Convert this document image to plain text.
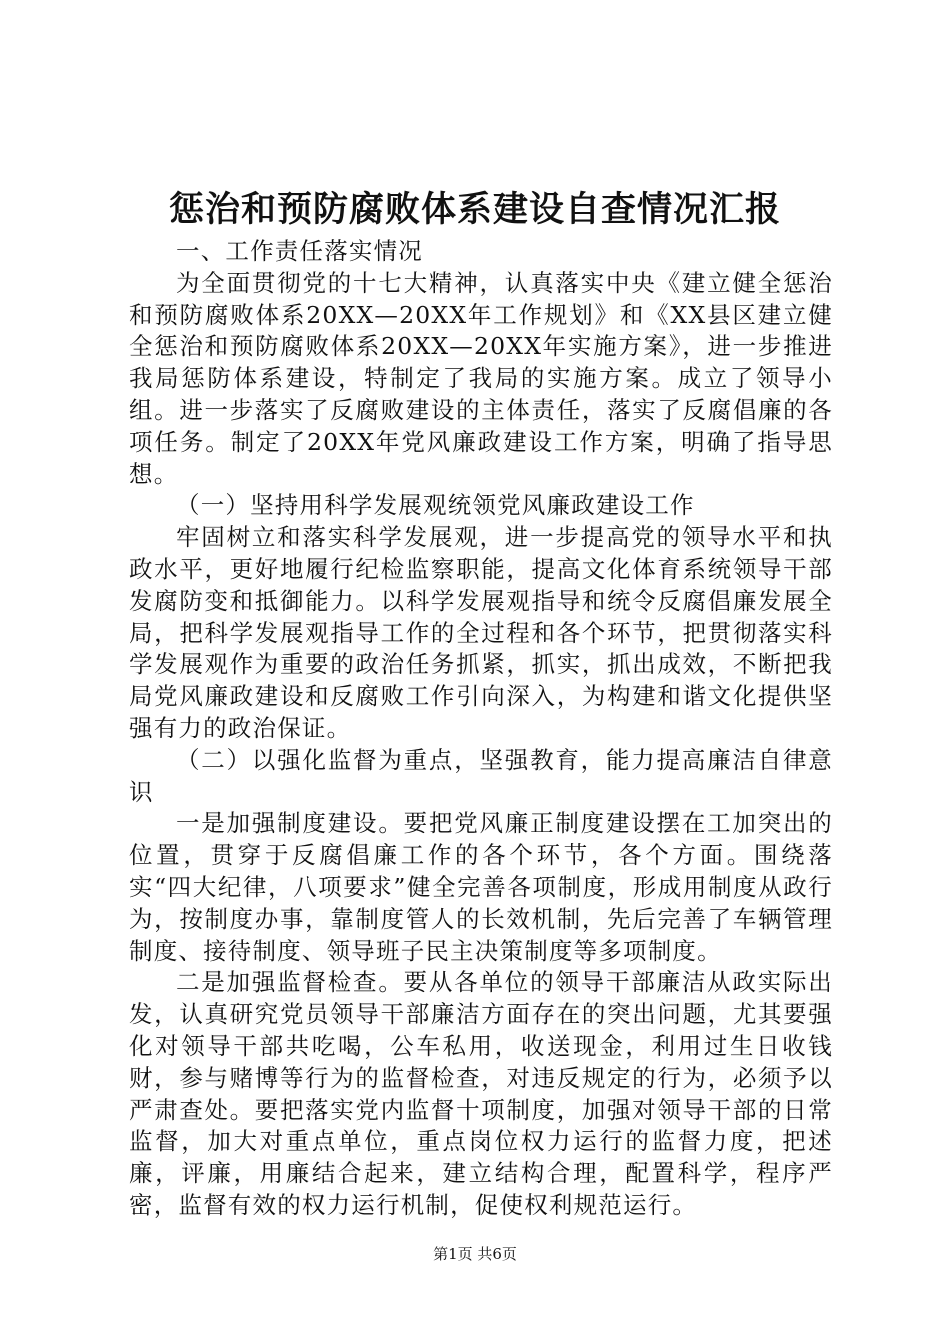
惩治和预防腐败体系建设自查情况汇报

一、工作责任落实情况

为全面贯彻党的十七大精神，认真落实中央《建立健全惩治和预防腐败体系20XX—20XX年工作规划》和《XX县区建立健全惩治和预防腐败体系20XX—20XX年实施方案》，进一步推进我局惩防体系建设，特制定了我局的实施方案。成立了领导小组。进一步落实了反腐败建设的主体责任，落实了反腐倡廉的各项任务。制定了20XX年党风廉政建设工作方案，明确了指导思想。

（一）坚持用科学发展观统领党风廉政建设工作

牢固树立和落实科学发展观，进一步提高党的领导水平和执政水平，更好地履行纪检监察职能，提高文化体育系统领导干部发腐防变和抵御能力。以科学发展观指导和统令反腐倡廉发展全局，把科学发展观指导工作的全过程和各个环节，把贯彻落实科学发展观作为重要的政治任务抓紧，抓实，抓出成效，不断把我局党风廉政建设和反腐败工作引向深入，为构建和谐文化提供坚强有力的政治保证。

（二）以强化监督为重点，坚强教育，能力提高廉洁自律意识

一是加强制度建设。要把党风廉正制度建设摆在工加突出的位置，贯穿于反腐倡廉工作的各个环节，各个方面。围绕落实“四大纪律，八项要求”健全完善各项制度，形成用制度从政行为，按制度办事，靠制度管人的长效机制，先后完善了车辆管理制度、接待制度、领导班子民主决策制度等多项制度。

二是加强监督检查。要从各单位的领导干部廉洁从政实际出发，认真研究党员领导干部廉洁方面存在的突出问题，尤其要强化对领导干部共吃喝，公车私用，收送现金，利用过生日收钱财，参与赌博等行为的监督检查，对违反规定的行为，必须予以严肃查处。要把落实党内监督十项制度，加强对领导干部的日常监督，加大对重点单位，重点岗位权力运行的监督力度，把述廉，评廉，用廉结合起来，建立结构合理，配置科学，程序严密，监督有效的权力运行机制，促使权利规范运行。

第1页 共6页
